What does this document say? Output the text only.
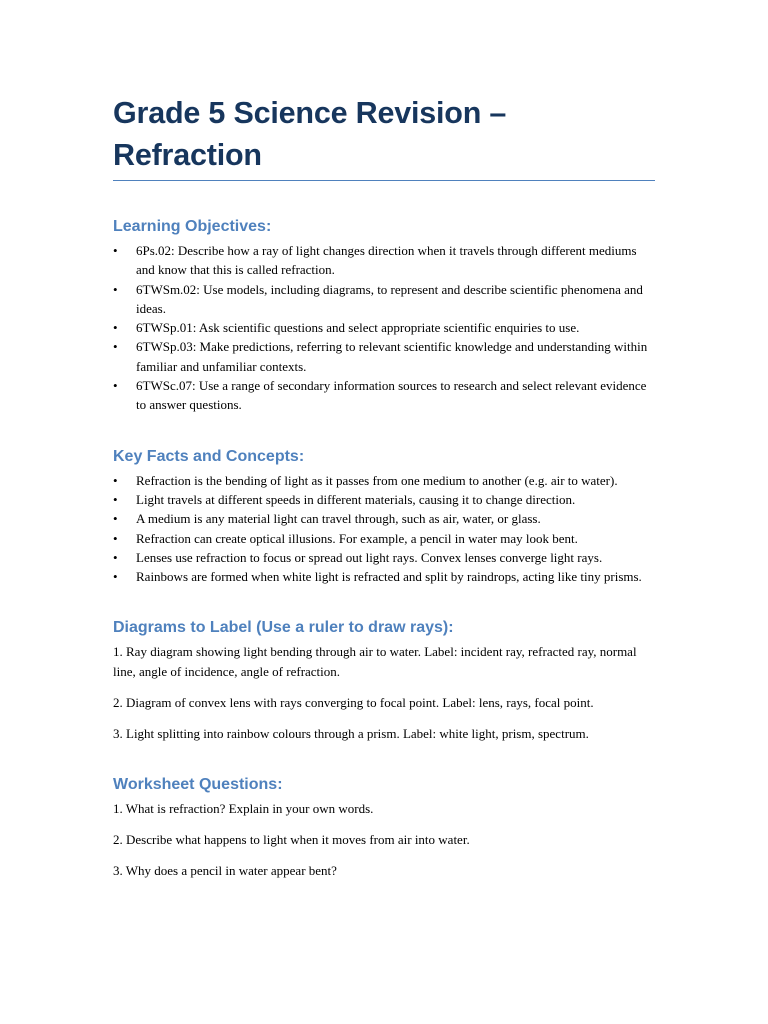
Grade 5 Science Revision – Refraction
Learning Objectives:
• 6Ps.02: Describe how a ray of light changes direction when it travels through different mediums and know that this is called refraction.
• 6TWSm.02: Use models, including diagrams, to represent and describe scientific phenomena and ideas.
• 6TWSp.01: Ask scientific questions and select appropriate scientific enquiries to use.
• 6TWSp.03: Make predictions, referring to relevant scientific knowledge and understanding within familiar and unfamiliar contexts.
• 6TWSc.07: Use a range of secondary information sources to research and select relevant evidence to answer questions.
Key Facts and Concepts:
• Refraction is the bending of light as it passes from one medium to another (e.g. air to water).
• Light travels at different speeds in different materials, causing it to change direction.
• A medium is any material light can travel through, such as air, water, or glass.
• Refraction can create optical illusions. For example, a pencil in water may look bent.
• Lenses use refraction to focus or spread out light rays. Convex lenses converge light rays.
• Rainbows are formed when white light is refracted and split by raindrops, acting like tiny prisms.
Diagrams to Label (Use a ruler to draw rays):

1. Ray diagram showing light bending through air to water. Label: incident ray, refracted ray, normal line, angle of incidence, angle of refraction.

2. Diagram of convex lens with rays converging to focal point. Label: lens, rays, focal point.

3. Light splitting into rainbow colours through a prism. Label: white light, prism, spectrum.

Worksheet Questions:

1. What is refraction? Explain in your own words.

2. Describe what happens to light when it moves from air into water.

3. Why does a pencil in water appear bent?
